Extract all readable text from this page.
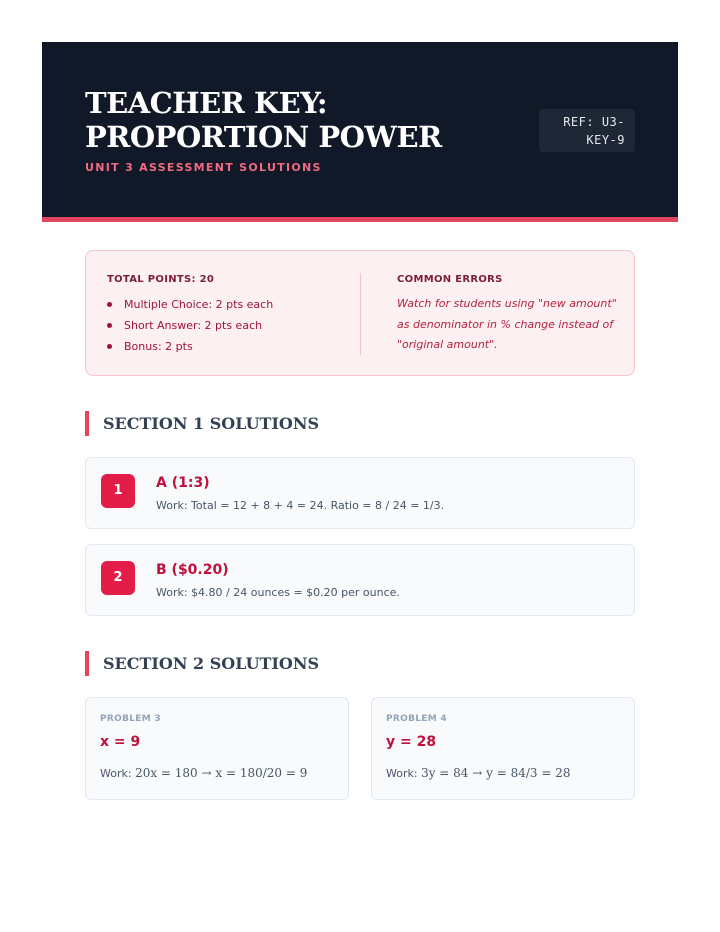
TEACHER KEY: PROPORTION POWER
UNIT 3 ASSESSMENT SOLUTIONS
REF: U3-
KEY-9
TOTAL POINTS: 20
Multiple Choice: 2 pts each
Short Answer: 2 pts each
Bonus: 2 pts
COMMON ERRORS
Watch for students using "new amount" as denominator in % change instead of "original amount".
SECTION 1 SOLUTIONS
1	A (1:3)
Work: Total = 12 + 8 + 4 = 24. Ratio = 8 / 24 = 1/3.
2	B ($0.20)
Work: $4.80 / 24 ounces = $0.20 per ounce.
SECTION 2 SOLUTIONS
PROBLEM 3
x = 9
Work: 20x = 180 → x = 180/20 = 9
PROBLEM 4
y = 28
Work: 3y = 84 → y = 84/3 = 28
